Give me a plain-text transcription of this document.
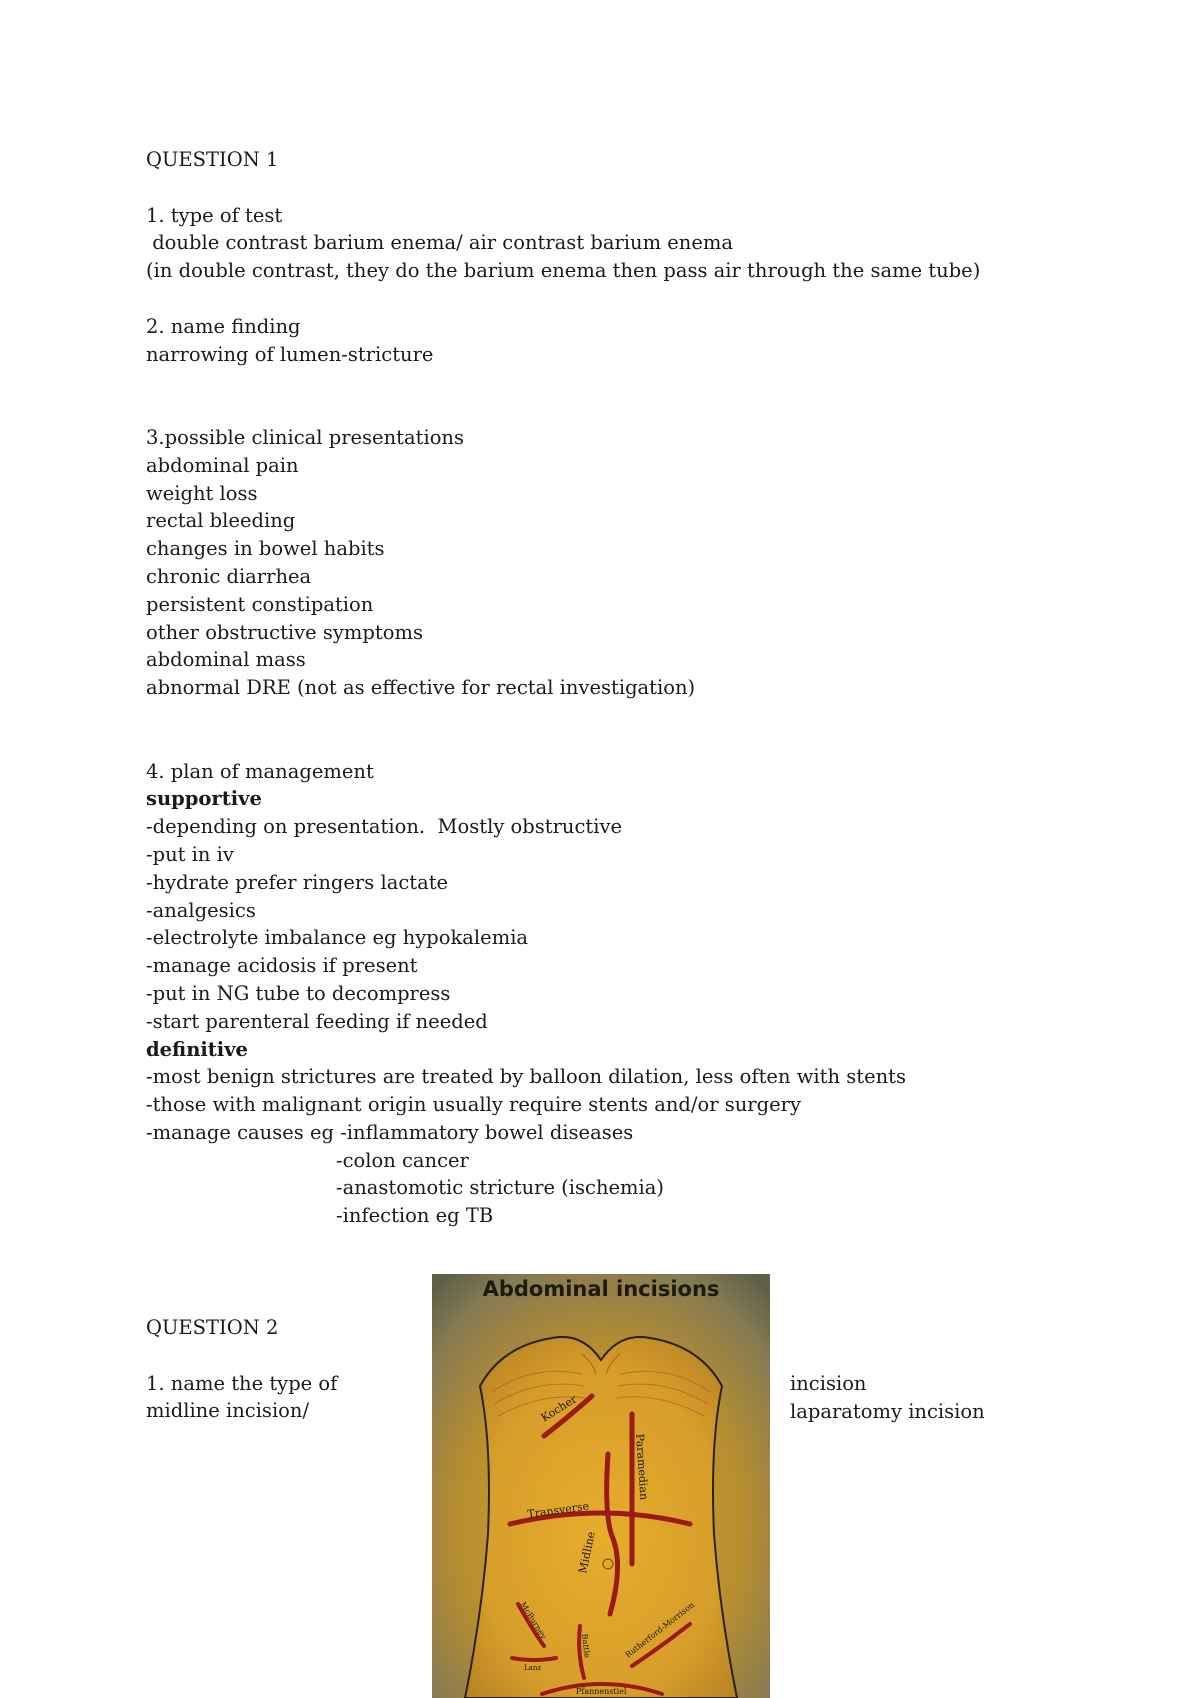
QUESTION 1
1. type of test
double contrast barium enema/ air contrast barium enema
(in double contrast, they do the barium enema then pass air through the same tube)
2. name finding
narrowing of lumen-stricture
3.possible clinical presentations
abdominal pain
weight loss
rectal bleeding
changes in bowel habits
chronic diarrhea
persistent constipation
other obstructive symptoms
abdominal mass
abnormal DRE (not as effective for rectal investigation)
4. plan of management
supportive
-depending on presentation.  Mostly obstructive
-put in iv
-hydrate prefer ringers lactate
-analgesics
-electrolyte imbalance eg hypokalemia
-manage acidosis if present
-put in NG tube to decompress
-start parenteral feeding if needed
definitive
-most benign strictures are treated by balloon dilation, less often with stents
-those with malignant origin usually require stents and/or surgery
-manage causes eg -inflammatory bowel diseases
-colon cancer
-anastomotic stricture (ischemia)
-infection eg TB
QUESTION 2
1. name the type of
midline incision/
incision
laparatomy incision
Abdominal incisions
Kocher
Paramedian
Transverse
Midline
McBurney
Battle	Rutherford-Morrison
Lanz
Pfannenstiel
